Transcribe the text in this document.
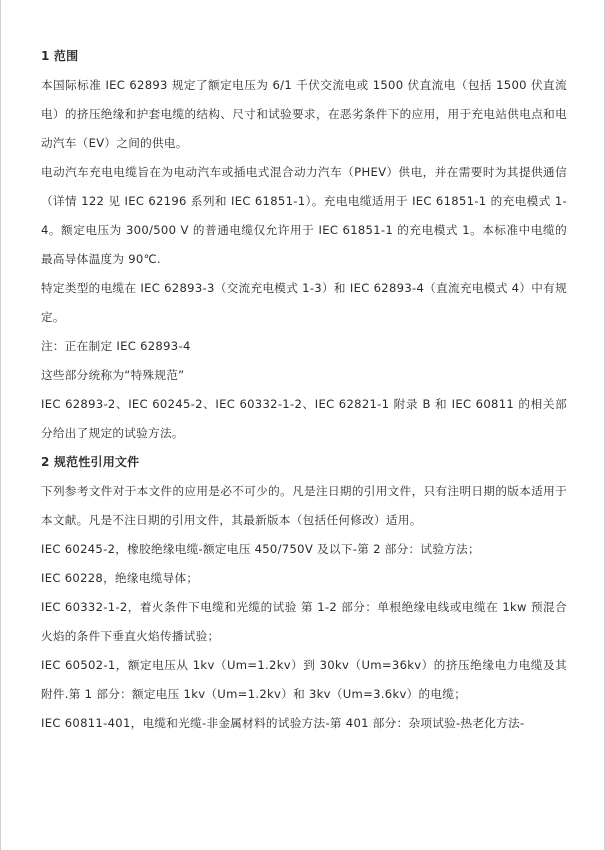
1 范围
本国际标准 IEC 62893 规定了额定电压为 6/1 千伏交流电或 1500 伏直流电（包括 1500 伏直流电）的挤压绝缘和护套电缆的结构、尺寸和试验要求，在恶劣条件下的应用，用于充电站供电点和电动汽车（EV）之间的供电。
电动汽车充电电缆旨在为电动汽车或插电式混合动力汽车（PHEV）供电，并在需要时为其提供通信（详情 122 见 IEC 62196 系列和 IEC 61851-1）。充电电缆适用于 IEC 61851-1 的充电模式 1-4。额定电压为 300/500 V 的普通电缆仅允许用于 IEC 61851-1 的充电模式 1。本标准中电缆的最高导体温度为 90℃.
特定类型的电缆在 IEC 62893-3（交流充电模式 1-3）和 IEC 62893-4（直流充电模式 4）中有规定。
注：正在制定 IEC 62893-4
这些部分统称为“特殊规范”
IEC 62893-2、IEC 60245-2、IEC 60332-1-2、IEC 62821-1 附录 B 和 IEC 60811 的相关部分给出了规定的试验方法。
2 规范性引用文件
下列参考文件对于本文件的应用是必不可少的。凡是注日期的引用文件，只有注明日期的版本适用于本文献。凡是不注日期的引用文件，其最新版本（包括任何修改）适用。
IEC 60245-2，橡胶绝缘电缆-额定电压 450/750V 及以下-第 2 部分：试验方法；
IEC 60228，绝缘电缆导体；
IEC 60332-1-2，着火条件下电缆和光缆的试验 第 1-2 部分：单根绝缘电线或电缆在 1kw 预混合火焰的条件下垂直火焰传播试验；
IEC 60502-1，额定电压从 1kv（Um=1.2kv）到 30kv（Um=36kv）的挤压绝缘电力电缆及其附件.第 1 部分：额定电压 1kv（Um=1.2kv）和 3kv（Um=3.6kv）的电缆；
IEC 60811-401，电缆和光缆-非金属材料的试验方法-第 401 部分：杂项试验-热老化方法-
